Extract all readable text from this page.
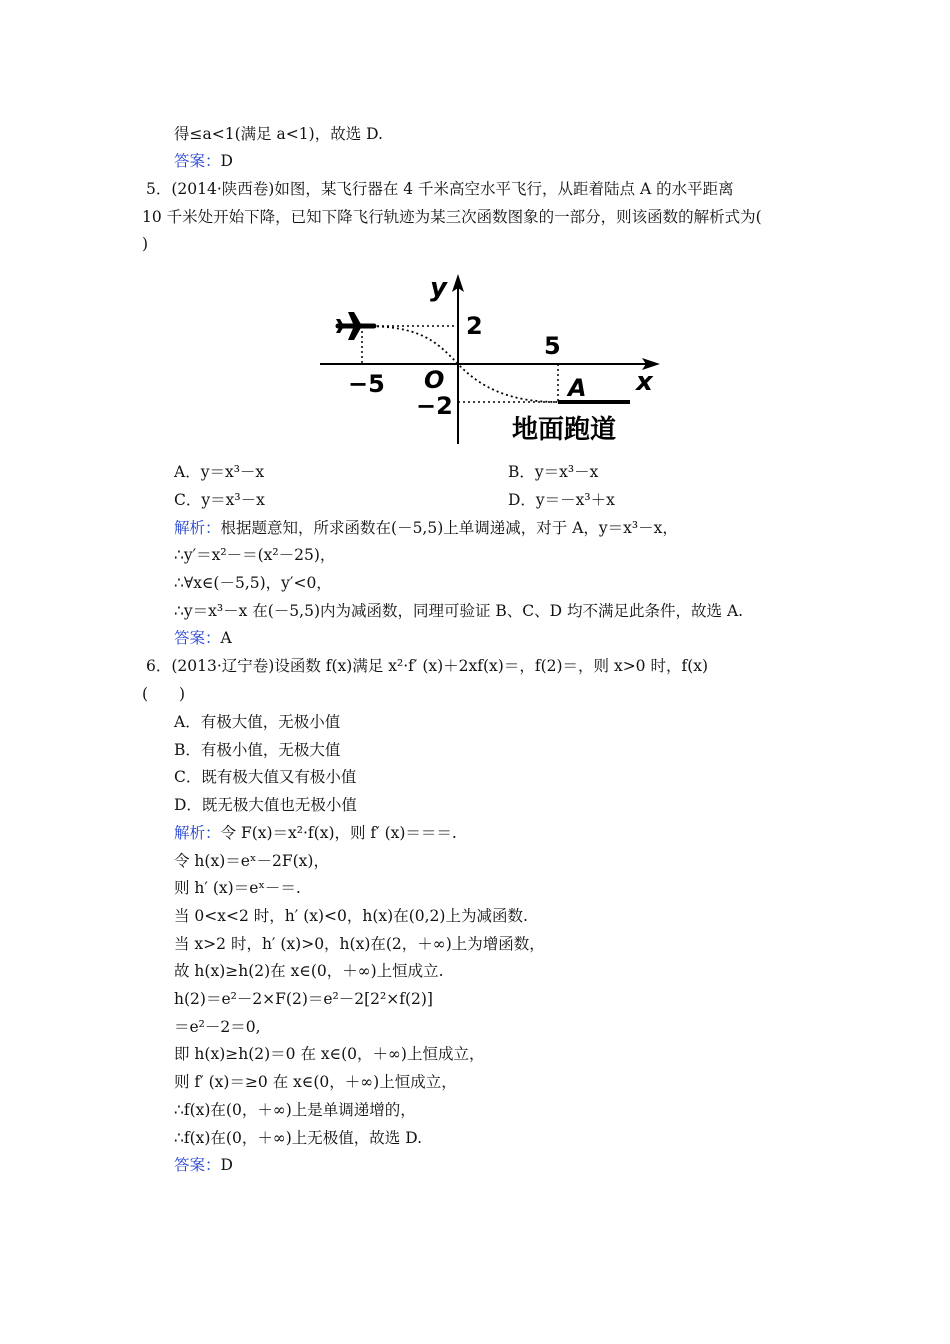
得≤a<1(满足 a<1)，故选 D.
答案：D
5．(2014·陕西卷)如图，某飞行器在 4 千米高空水平飞行，从距着陆点 A 的水平距离
10 千米处开始下降，已知下降飞行轨迹为某三次函数图象的一部分，则该函数的解析式为(
)
y
x
O
2
5
−5
−2
A
地面跑道
A．y＝x³－x	B．y＝x³－x
C．y＝x³－x	D．y＝－x³＋x
解析：根据题意知，所求函数在(－5,5)上单调递减，对于 A，y＝x³－x，
∴y′＝x²－＝(x²－25)，
∴∀x∈(－5,5)，y′<0，
∴y＝x³－x 在(－5,5)内为减函数，同理可验证 B、C、D 均不满足此条件，故选 A.
答案：A
6．(2013·辽宁卷)设函数 f(x)满足 x²·f′ (x)＋2xf(x)＝，f(2)＝，则 x>0 时，f(x)
(　　)
A．有极大值，无极小值
B．有极小值，无极大值
C．既有极大值又有极小值
D．既无极大值也无极小值
解析：令 F(x)＝x²·f(x)，则 f′ (x)＝＝＝.
令 h(x)＝eˣ－2F(x)，
则 h′ (x)＝eˣ－＝.
当 0<x<2 时，h′ (x)<0，h(x)在(0,2)上为减函数.
当 x>2 时，h′ (x)>0，h(x)在(2，＋∞)上为增函数，
故 h(x)≥h(2)在 x∈(0，＋∞)上恒成立.
h(2)＝e²－2×F(2)＝e²－2[2²×f(2)]
＝e²－2＝0,
即 h(x)≥h(2)＝0 在 x∈(0，＋∞)上恒成立，
则 f′ (x)＝≥0 在 x∈(0，＋∞)上恒成立，
∴f(x)在(0，＋∞)上是单调递增的，
∴f(x)在(0，＋∞)上无极值，故选 D.
答案：D
